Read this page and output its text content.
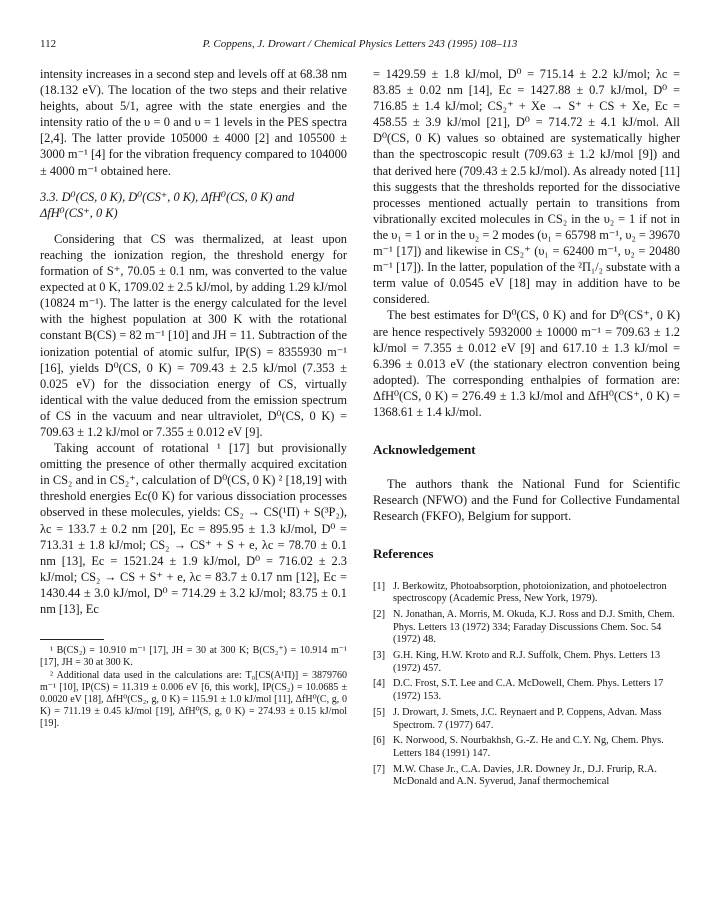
112	P. Coppens, J. Drowart / Chemical Physics Letters 243 (1995) 108–113

intensity increases in a second step and levels off at 68.38 nm (18.132 eV). The location of the two steps and their relative heights, about 5/1, agree with the state energies and the intensity ratio of the υ = 0 and υ = 1 levels in the PES spectra [2,4]. The latter provide 105000 ± 4000 [2] and 105500 ± 3000 m⁻¹ [4] for the vibration frequency compared to 104000 ± 4000 m⁻¹ obtained here.

3.3. D⁰(CS, 0 K), D⁰(CS⁺, 0 K), ΔfH⁰(CS, 0 K) and ΔfH⁰(CS⁺, 0 K)

Considering that CS was thermalized, at least upon reaching the ionization region, the threshold energy for formation of S⁺, 70.05 ± 0.1 nm, was converted to the value expected at 0 K, 1709.02 ± 2.5 kJ/mol, by adding 1.29 kJ/mol (10824 m⁻¹). The latter is the energy calculated for the level with the highest population at 300 K with the rotational constant B(CS) = 82 m⁻¹ [10] and JH = 11. Subtraction of the ionization potential of atomic sulfur, IP(S) = 8355930 m⁻¹ [16], yields D⁰(CS, 0 K) = 709.43 ± 2.5 kJ/mol (7.353 ± 0.025 eV) for the dissociation energy of CS, virtually identical with the value deduced from the emission spectrum of CS in the vacuum and near ultraviolet, D⁰(CS, 0 K) = 709.63 ± 1.2 kJ/mol or 7.355 ± 0.012 eV [9].

Taking account of rotational ¹ [17] but provisionally omitting the presence of other thermally acquired excitation in CS₂ and in CS₂⁺, calculation of D⁰(CS, 0 K) ² [18,19] with threshold energies Ec(0 K) for various dissociation processes observed in these molecules, yields: CS₂ → CS(¹Π) + S(³P₂), λc = 133.7 ± 0.2 nm [20], Ec = 895.95 ± 1.3 kJ/mol, D⁰ = 713.31 ± 1.8 kJ/mol; CS₂ → CS⁺ + S + e, λc = 78.70 ± 0.1 nm [13], Ec = 1521.24 ± 1.9 kJ/mol, D⁰ = 716.02 ± 2.3 kJ/mol; CS₂ → CS + S⁺ + e, λc = 83.7 ± 0.17 nm [12], Ec = 1430.44 ± 3.0 kJ/mol, D⁰ = 714.29 ± 3.2 kJ/mol; 83.75 ± 0.1 nm [13], Ec

¹ B(CS₂) = 10.910 m⁻¹ [17], JH = 30 at 300 K; B(CS₂⁺) = 10.914 m⁻¹ [17], JH = 30 at 300 K.

² Additional data used in the calculations are: T₀[CS(A¹Π)] = 3879760 m⁻¹ [10], IP(CS) = 11.319 ± 0.006 eV [6, this work], IP(CS₂) = 10.0685 ± 0.0020 eV [18], ΔfH⁰(CS₂, g, 0 K) = 115.91 ± 1.0 kJ/mol [11], ΔfH⁰(C, g, 0 K) = 711.19 ± 0.45 kJ/mol [19], ΔfH⁰(S, g, 0 K) = 274.93 ± 0.15 kJ/mol [19].

= 1429.59 ± 1.8 kJ/mol, D⁰ = 715.14 ± 2.2 kJ/mol; λc = 83.85 ± 0.02 nm [14], Ec = 1427.88 ± 0.7 kJ/mol, D⁰ = 716.85 ± 1.4 kJ/mol; CS₂⁺ + Xe → S⁺ + CS + Xe, Ec = 458.55 ± 3.9 kJ/mol [21], D⁰ = 714.72 ± 4.1 kJ/mol. All D⁰(CS, 0 K) values so obtained are systematically higher than the spectroscopic result (709.63 ± 1.2 kJ/mol [9]) and that derived here (709.43 ± 2.5 kJ/mol). As already noted [11] this suggests that the thresholds reported for the dissociative processes mentioned actually pertain to transitions from vibrationally excited molecules in CS₂ in the υ₂ = 1 if not in the υ₁ = 1 or in the υ₂ = 2 modes (υ₁ = 65798 m⁻¹, υ₂ = 39670 m⁻¹ [17]) and likewise in CS₂⁺ (υ₁ = 62400 m⁻¹, υ₂ = 20480 m⁻¹ [17]). In the latter, population of the ²Π₁/₂ substate with a term value of 0.0545 eV [18] may in addition have to be considered.

The best estimates for D⁰(CS, 0 K) and for D⁰(CS⁺, 0 K) are hence respectively 5932000 ± 10000 m⁻¹ = 709.63 ± 1.2 kJ/mol = 7.355 ± 0.012 eV [9] and 617.10 ± 1.3 kJ/mol = 6.396 ± 0.013 eV (the stationary electron convention being adopted). The corresponding enthalpies of formation are: ΔfH⁰(CS, 0 K) = 276.49 ± 1.3 kJ/mol and ΔfH⁰(CS⁺, 0 K) = 1368.61 ± 1.4 kJ/mol.

Acknowledgement

The authors thank the National Fund for Scientific Research (NFWO) and the Fund for Collective Fundamental Research (FKFO), Belgium for support.

References
[1] J. Berkowitz, Photoabsorption, photoionization, and photoelectron spectroscopy (Academic Press, New York, 1979).
[2] N. Jonathan, A. Morris, M. Okuda, K.J. Ross and D.J. Smith, Chem. Phys. Letters 13 (1972) 334; Faraday Discussions Chem. Soc. 54 (1972) 48.
[3] G.H. King, H.W. Kroto and R.J. Suffolk, Chem. Phys. Letters 13 (1972) 457.
[4] D.C. Frost, S.T. Lee and C.A. McDowell, Chem. Phys. Letters 17 (1972) 153.
[5] J. Drowart, J. Smets, J.C. Reynaert and P. Coppens, Advan. Mass Spectrom. 7 (1977) 647.
[6] K. Norwood, S. Nourbakhsh, G.-Z. He and C.Y. Ng, Chem. Phys. Letters 184 (1991) 147.
[7] M.W. Chase Jr., C.A. Davies, J.R. Downey Jr., D.J. Frurip, R.A. McDonald and A.N. Syverud, Janaf thermochemical
